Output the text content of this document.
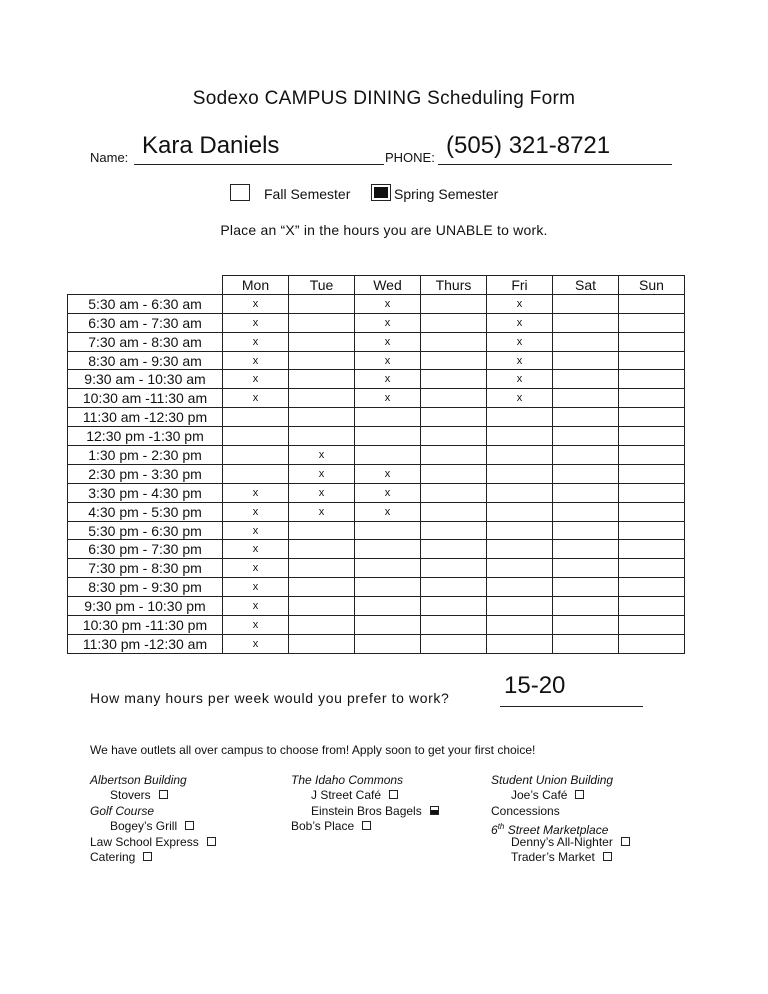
Sodexo CAMPUS DINING Scheduling Form
Name: Kara Daniels	PHONE: (505) 321-8721
Fall Semester	Spring Semester
Place an “X” in the hours you are UNABLE to work.
	Mon	Tue	Wed	Thurs	Fri	Sat	Sun
5:30 am - 6:30 am	x		x		x		
6:30 am - 7:30 am	x		x		x		
7:30 am - 8:30 am	x		x		x		
8:30 am - 9:30 am	x		x		x		
9:30 am - 10:30 am	x		x		x		
10:30 am -11:30 am	x		x		x		
11:30 am -12:30 pm							
12:30 pm -1:30 pm							
1:30 pm - 2:30 pm		x					
2:30 pm - 3:30 pm		x	x				
3:30 pm - 4:30 pm	x	x	x				
4:30 pm - 5:30 pm	x	x	x				
5:30 pm - 6:30 pm	x						
6:30 pm - 7:30 pm	x						
7:30 pm - 8:30 pm	x						
8:30 pm - 9:30 pm	x						
9:30 pm - 10:30 pm	x						
10:30 pm -11:30 pm	x						
11:30 pm -12:30 am	x						
How many hours per week would you prefer to work? 15-20
We have outlets all over campus to choose from! Apply soon to get your first choice!
Albertson Building
Stovers
Golf Course
Bogey’s Grill
Law School Express
Catering
The Idaho Commons
J Street Café
Einstein Bros Bagels
Bob’s Place
Student Union Building
Joe’s Café
Concessions
6th Street Marketplace
Denny’s All-Nighter
Trader’s Market
